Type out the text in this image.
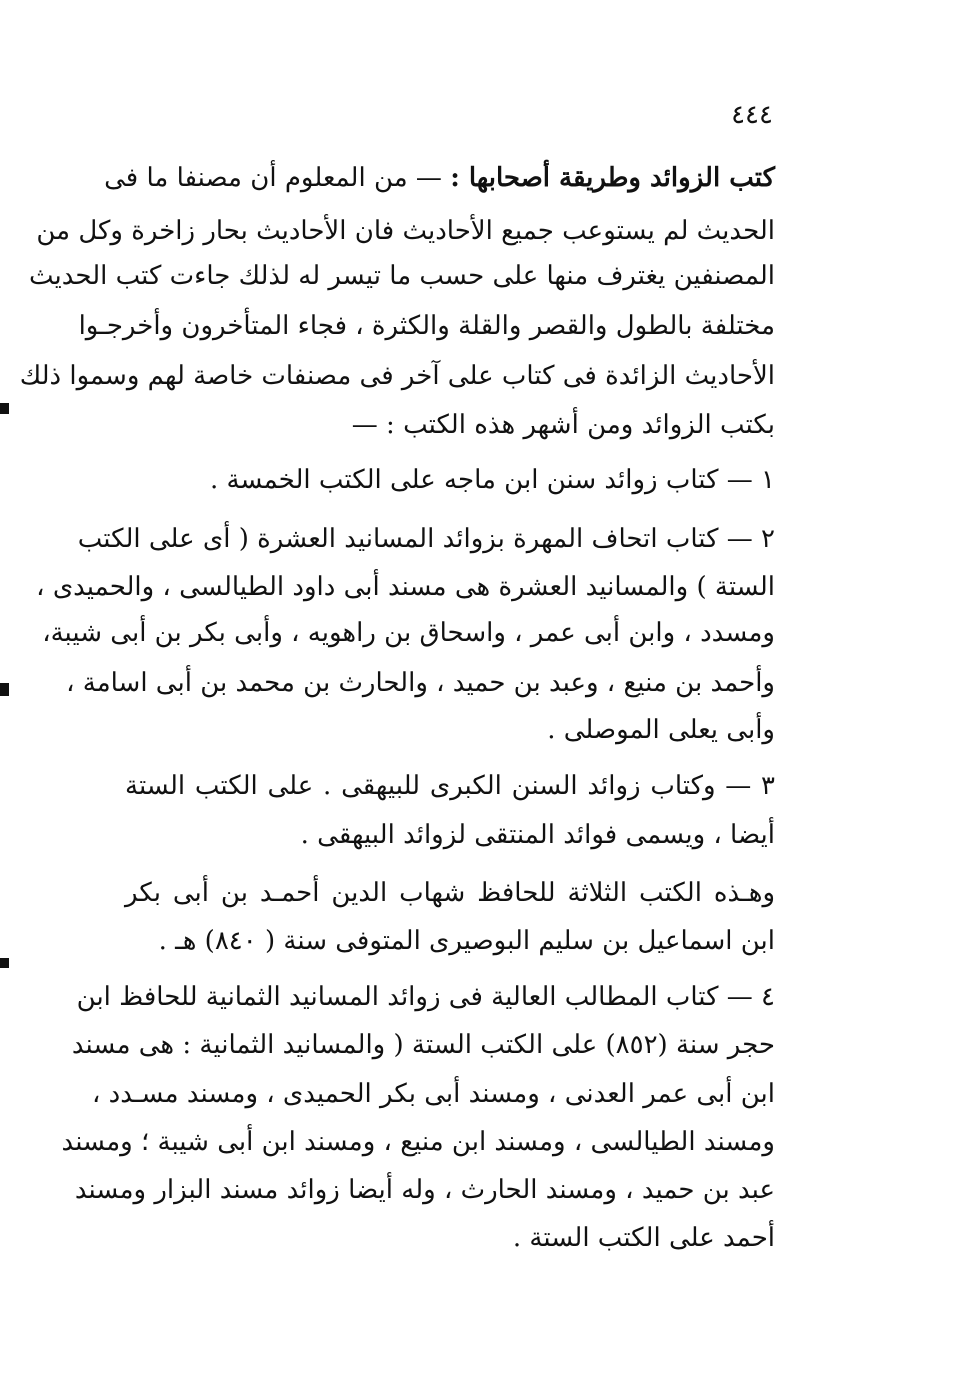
٤٤٤
كتب الزوائد وطريقة أصحابها : — من المعلوم أن مصنفا ما فى
الحديث لم يستوعب جميع الأحاديث فان الأحاديث بحار زاخرة وكل من
المصنفين يغترف منها على حسب ما تيسر له لذلك جاءت كتب الحديث
مختلفة بالطول والقصر والقلة والكثرة ، فجاء المتأخرون وأخرجـوا
الأحاديث الزائدة فى كتاب على آخر فى مصنفات خاصة لهم وسموا ذلك
بكتب الزوائد ومن أشهر هذه الكتب : —
١ — كتاب زوائد سنن ابن ماجه على الكتب الخمسة .
٢ — كتاب اتحاف المهرة بزوائد المسانيد العشرة ( أى على الكتب
الستة ) والمسانيد العشرة هى مسند أبى داود الطيالسى ، والحميدى ،
ومسدد ، وابن أبى عمر ، واسحاق بن راهويه ، وأبى بكر بن أبى شيبة،
وأحمد بن منيع ، وعبد بن حميد ، والحارث بن محمد بن أبى اسامة ،
وأبى يعلى الموصلى .
٣ — وكتاب زوائد السنن الكبرى للبيهقى . على الكتب الستة
أيضا ، ويسمى فوائد المنتقى لزوائد البيهقى .
وهـذه الكتب الثلاثة للحافظ شهاب الدين أحمـد بن أبى بكر
ابن اسماعيل بن سليم البوصيرى المتوفى سنة ( ٨٤٠) هـ .
٤ — كتاب المطالب العالية فى زوائد المسانيد الثمانية للحافظ ابن
حجر سنة (٨٥٢) على الكتب الستة ( والمسانيد الثمانية : هى مسند
ابن أبى عمر العدنى ، ومسند أبى بكر الحميدى ، ومسند مسـدد ،
ومسند الطيالسى ، ومسند ابن منيع ، ومسند ابن أبى شيبة ؛ ومسند
عبد بن حميد ، ومسند الحارث ، وله أيضا زوائد مسند البزار ومسند
أحمد على الكتب الستة .
